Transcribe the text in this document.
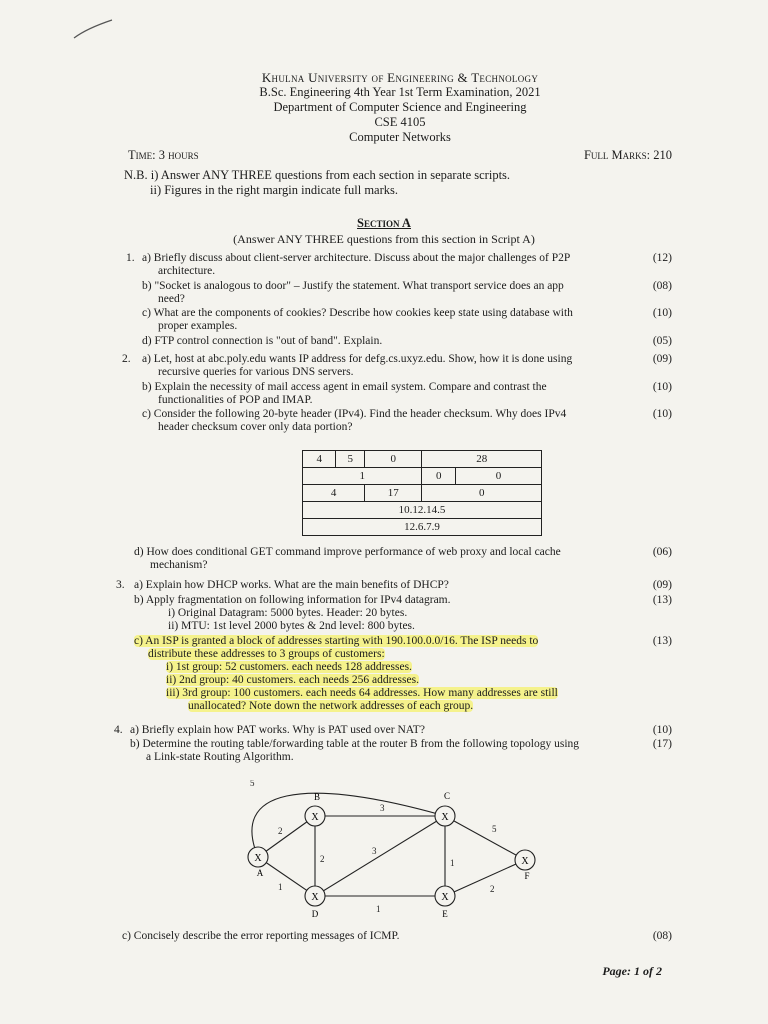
Khulna University of Engineering & Technology
B.Sc. Engineering 4th Year 1st Term Examination, 2021
Department of Computer Science and Engineering
CSE 4105
Computer Networks
Time: 3 hours	Full Marks: 210
N.B. i) Answer ANY THREE questions from each section in separate scripts.
ii) Figures in the right margin indicate full marks.
Section A
(Answer ANY THREE questions from this section in Script A)
1. a) Briefly discuss about client-server architecture. Discuss about the major challenges of P2P
architecture.
(12)
b) "Socket is analogous to door" – Justify the statement. What transport service does an app
need?
(08)
c) What are the components of cookies? Describe how cookies keep state using database with
proper examples.
(10)
d) FTP control connection is "out of band". Explain.	(05)
2. a) Let, host at abc.poly.edu wants IP address for defg.cs.uxyz.edu. Show, how it is done using
recursive queries for various DNS servers.
(09)
b) Explain the necessity of mail access agent in email system. Compare and contrast the
functionalities of POP and IMAP.
(10)
c) Consider the following 20-byte header (IPv4). Find the header checksum. Why does IPv4
header checksum cover only data portion?
(10)
4	5	0	28	
1			0	0
4		17	0	
10.12.14.5				
12.6.7.9				
d) How does conditional GET command improve performance of web proxy and local cache
mechanism?
(06)
3. a) Explain how DHCP works. What are the main benefits of DHCP?	(09)
b) Apply fragmentation on following information for IPv4 datagram.
i) Original Datagram: 5000 bytes. Header: 20 bytes.
ii) MTU: 1st level 2000 bytes & 2nd level: 800 bytes.
(13)
c) An ISP is granted a block of addresses starting with 190.100.0.0/16. The ISP needs to
distribute these addresses to 3 groups of customers:
i) 1st group: 52 customers. each needs 128 addresses.
ii) 2nd group: 40 customers. each needs 256 addresses.
iii) 3rd group: 100 customers. each needs 64 addresses. How many addresses are still
unallocated? Note down the network addresses of each group.
(13)
4. a) Briefly explain how PAT works. Why is PAT used over NAT?	(10)
b) Determine the routing table/forwarding table at the router B from the following topology using
a Link-state Routing Algorithm.
(17)
5
2
1
3
2
3
1
5
1
2
X
A
X
B
X
C
X
D
X
E
X
F
c) Concisely describe the error reporting messages of ICMP.	(08)
Page: 1 of 2
